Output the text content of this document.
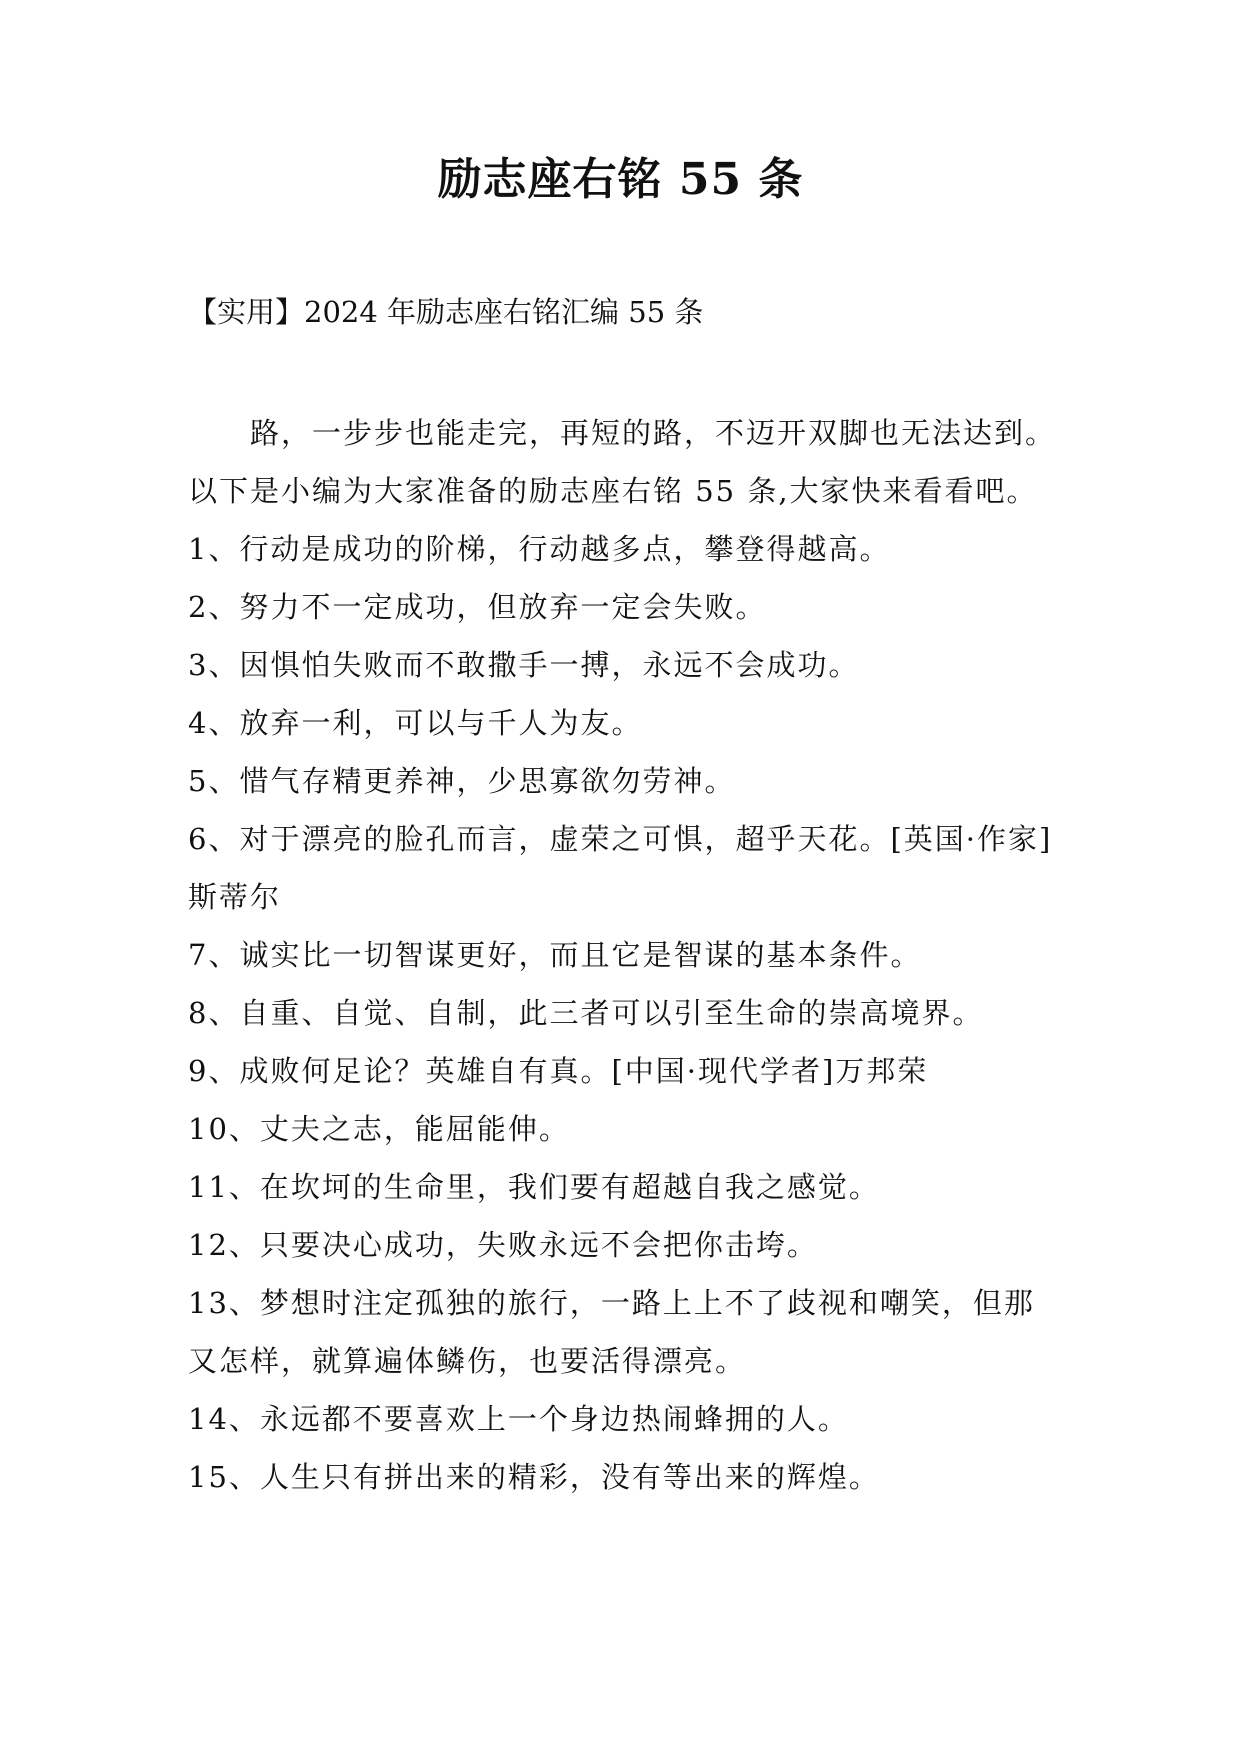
励志座右铭 55 条
【实用】2024 年励志座右铭汇编 55 条

路，一步步也能走完，再短的路，不迈开双脚也无法达到。以下是小编为大家准备的励志座右铭 55 条,大家快来看看吧。

1、行动是成功的阶梯，行动越多点，攀登得越高。

2、努力不一定成功，但放弃一定会失败。

3、因惧怕失败而不敢撒手一搏，永远不会成功。

4、放弃一利，可以与千人为友。

5、惜气存精更养神，少思寡欲勿劳神。

6、对于漂亮的脸孔而言，虚荣之可惧，超乎天花。[英国·作家]斯蒂尔

7、诚实比一切智谋更好，而且它是智谋的基本条件。

8、自重、自觉、自制，此三者可以引至生命的崇高境界。

9、成败何足论？英雄自有真。[中国·现代学者]万邦荣

10、丈夫之志，能屈能伸。

11、在坎坷的生命里，我们要有超越自我之感觉。

12、只要决心成功，失败永远不会把你击垮。

13、梦想时注定孤独的旅行，一路上上不了歧视和嘲笑，但那又怎样，就算遍体鳞伤，也要活得漂亮。

14、永远都不要喜欢上一个身边热闹蜂拥的人。

15、人生只有拼出来的精彩，没有等出来的辉煌。
